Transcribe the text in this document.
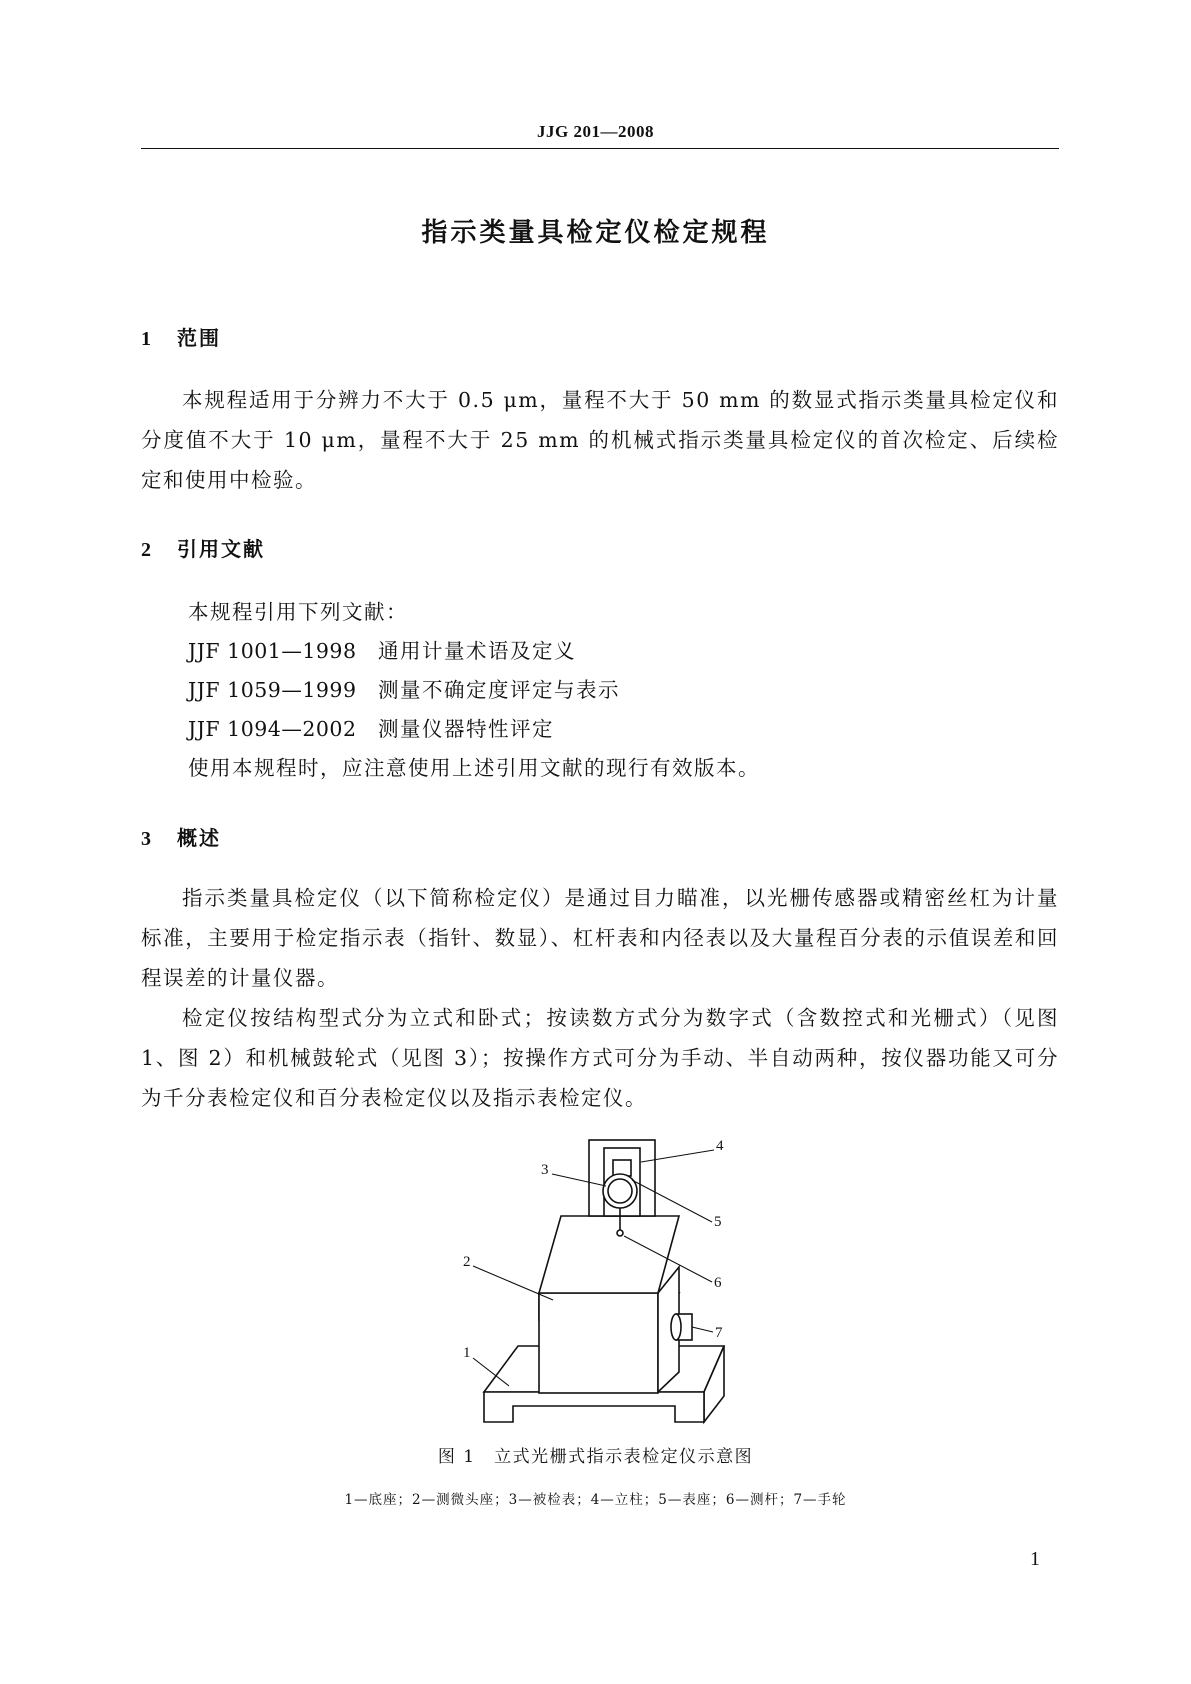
JJG 201—2008
指示类量具检定仪检定规程
1 范围
本规程适用于分辨力不大于 0.5 μm，量程不大于 50 mm 的数显式指示类量具检定仪和分度值不大于 10 μm，量程不大于 25 mm 的机械式指示类量具检定仪的首次检定、后续检定和使用中检验。
2 引用文献
本规程引用下列文献：
JJF 1001—1998 通用计量术语及定义
JJF 1059—1999 测量不确定度评定与表示
JJF 1094—2002 测量仪器特性评定
使用本规程时，应注意使用上述引用文献的现行有效版本。
3 概述
指示类量具检定仪（以下简称检定仪）是通过目力瞄准，以光栅传感器或精密丝杠为计量标准，主要用于检定指示表（指针、数显）、杠杆表和内径表以及大量程百分表的示值误差和回程误差的计量仪器。
检定仪按结构型式分为立式和卧式；按读数方式分为数字式（含数控式和光栅式）（见图 1、图 2）和机械鼓轮式（见图 3）；按操作方式可分为手动、半自动两种，按仪器功能又可分为千分表检定仪和百分表检定仪以及指示表检定仪。
1
2
3
4
5
6
7
图 1　立式光栅式指示表检定仪示意图
1—底座；2—测微头座；3—被检表；4—立柱；5—表座；6—测杆；7—手轮
1
